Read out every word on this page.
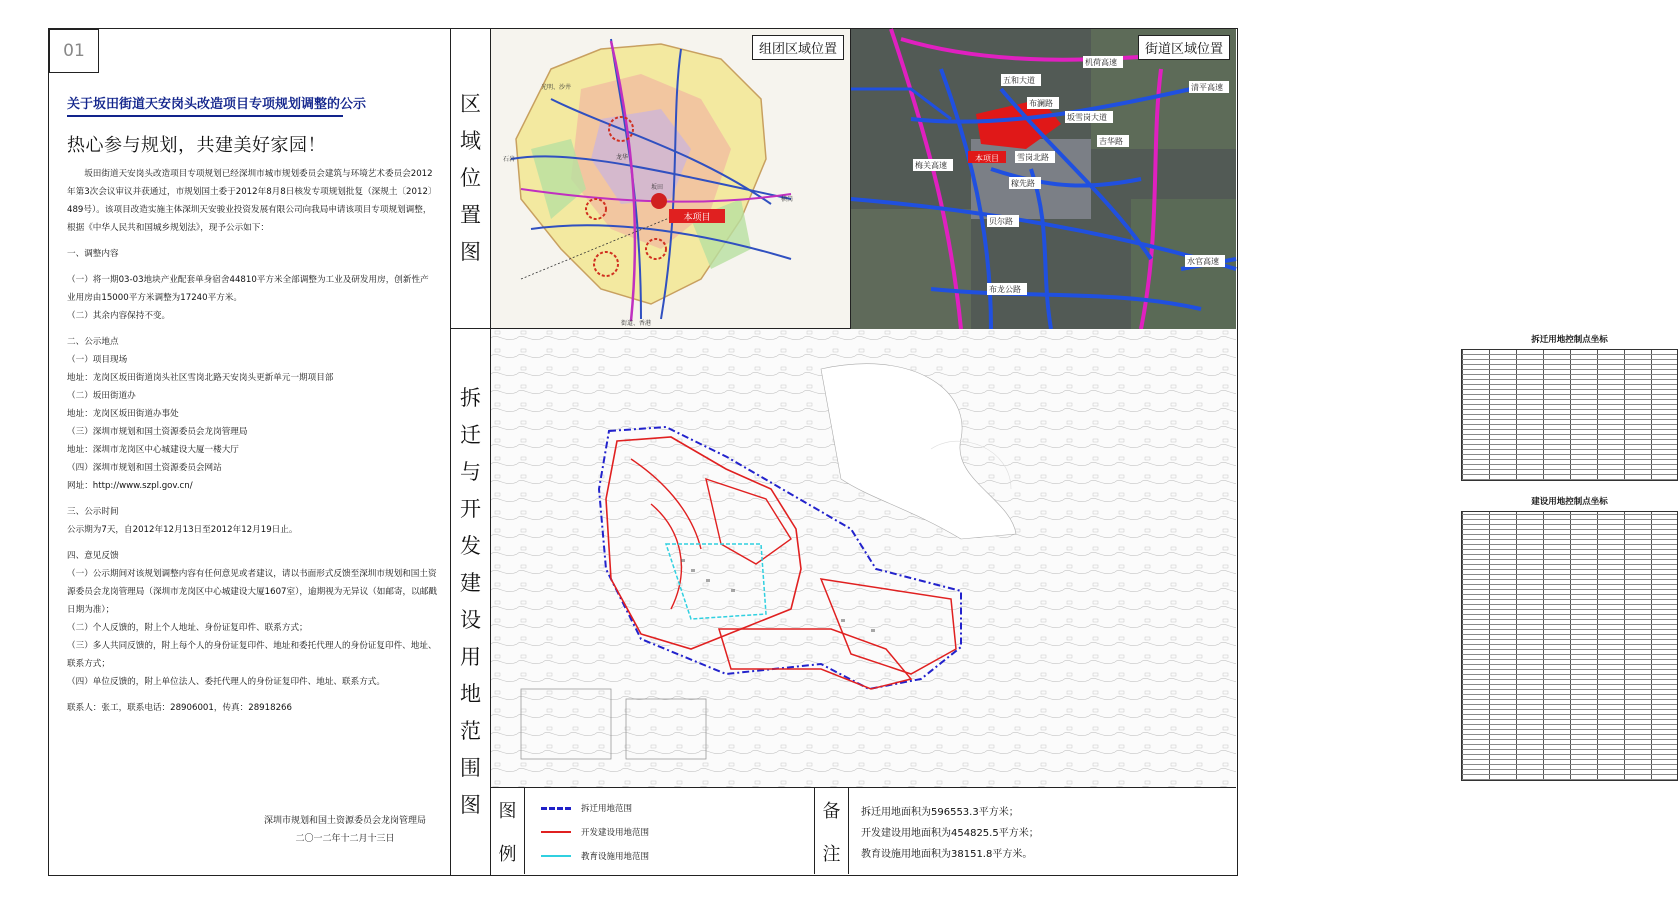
01
关于坂田街道天安岗头改造项目专项规划调整的公示
热心参与规划，共建美好家园！

坂田街道天安岗头改造项目专项规划已经深圳市城市规划委员会建筑与环境艺术委员会2012年第3次会议审议并获通过，市规划国土委于2012年8月8日核发专项规划批复（深规土〔2012〕489号）。该项目改造实施主体深圳天安骏业投资发展有限公司向我局申请该项目专项规划调整，根据《中华人民共和国城乡规划法》，现予公示如下：

一、调整内容

（一）将一期03-03地块产业配套单身宿舍44810平方米全部调整为工业及研发用房，创新性产业用房由15000平方米调整为17240平方米。

（二）其余内容保持不变。

二、公示地点

（一）项目现场

地址：龙岗区坂田街道岗头社区雪岗北路天安岗头更新单元一期项目部

（二）坂田街道办

地址：龙岗区坂田街道办事处

（三）深圳市规划和国土资源委员会龙岗管理局

地址：深圳市龙岗区中心城建设大厦一楼大厅

（四）深圳市规划和国土资源委员会网站

网址：http://www.szpl.gov.cn/

三、公示时间

公示期为7天，自2012年12月13日至2012年12月19日止。

四、意见反馈

（一）公示期间对该规划调整内容有任何意见或者建议，请以书面形式反馈至深圳市规划和国土资源委员会龙岗管理局（深圳市龙岗区中心城建设大厦1607室），逾期视为无异议（如邮寄，以邮戳日期为准）；

（二）个人反馈的，附上个人地址、身份证复印件、联系方式；

（三）多人共同反馈的，附上每个人的身份证复印件、地址和委托代理人的身份证复印件、地址、联系方式；

（四）单位反馈的，附上单位法人、委托代理人的身份证复印件、地址、联系方式。

联系人：张工，联系电话：28906001，传真：28918266

深圳市规划和国土资源委员会龙岗管理局
二〇一二年十二月十三日
区
域
位
置
图
拆
迁
与
开
发
建
设
用
地
范
围
图
本项目
光明、沙井
石岩
横岗
街道、香港
龙华
坂田
组团区域位置
本项目
五和大道
机荷高速
清平高速
布澜路
坂雪岗大道
吉华路
梅关高速
雪岗北路
稼先路
贝尔路
布龙公路
水官高速
街道区域位置
拆迁用地控制点坐标
建设用地控制点坐标
图
例
拆迁用地范围
开发建设用地范围
教育设施用地范围
备
注
拆迁用地面积为596553.3平方米；
开发建设用地面积为454825.5平方米；
教育设施用地面积为38151.8平方米。
